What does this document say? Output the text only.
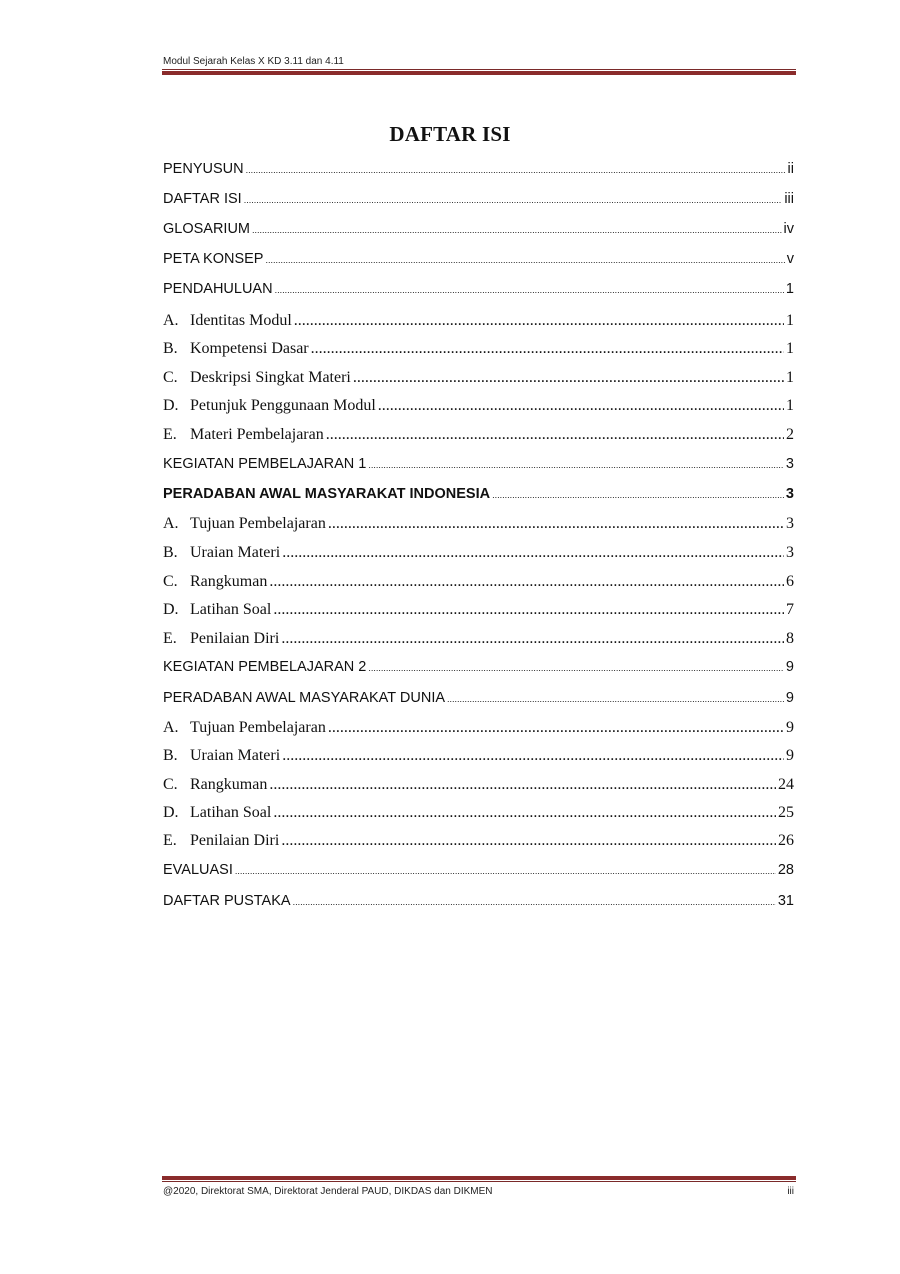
Modul Sejarah Kelas X KD 3.11 dan 4.11
DAFTAR ISI
PENYUSUN .....	ii
DAFTAR ISI .....	iii
GLOSARIUM .....	iv
PETA KONSEP .....	v
PENDAHULUAN .....	1
A. Identitas Modul .....	1
B. Kompetensi Dasar .....	1
C. Deskripsi Singkat Materi .....	1
D. Petunjuk Penggunaan Modul .....	1
E. Materi Pembelajaran .....	2
KEGIATAN PEMBELAJARAN 1 .....	3
PERADABAN AWAL MASYARAKAT INDONESIA .....	3
A. Tujuan Pembelajaran .....	3
B. Uraian Materi .....	3
C. Rangkuman .....	6
D. Latihan Soal .....	7
E. Penilaian Diri .....	8
KEGIATAN PEMBELAJARAN 2 .....	9
PERADABAN AWAL MASYARAKAT DUNIA .....	9
A. Tujuan Pembelajaran .....	9
B. Uraian Materi .....	9
C. Rangkuman .....	24
D. Latihan Soal .....	25
E. Penilaian Diri .....	26
EVALUASI .....	28
DAFTAR PUSTAKA .....	31
@2020, Direktorat SMA, Direktorat Jenderal PAUD, DIKDAS dan DIKMEN	iii
